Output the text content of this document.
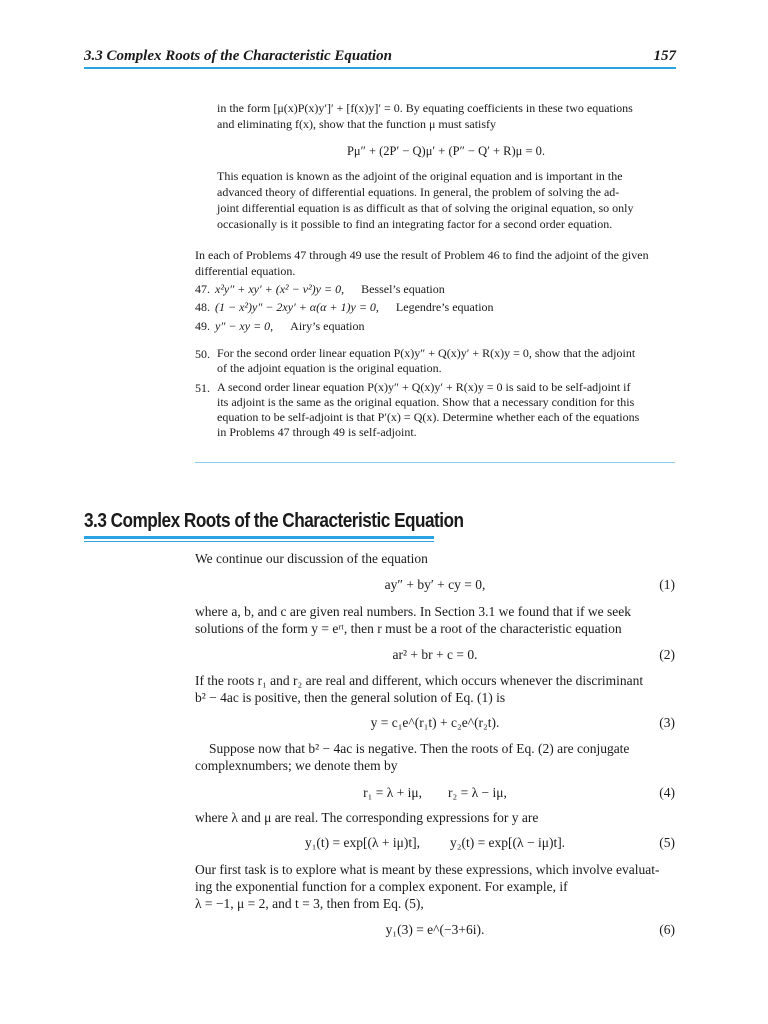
3.3 Complex Roots of the Characteristic Equation	157
in the form [μ(x)P(x)y′]′ + [f(x)y]′ = 0. By equating coefficients in these two equations
and eliminating f(x), show that the function μ must satisfy
Pμ″ + (2P′ − Q)μ′ + (P″ − Q′ + R)μ = 0.
This equation is known as the adjoint of the original equation and is important in the
advanced theory of differential equations. In general, the problem of solving the ad-
joint differential equation is as difficult as that of solving the original equation, so only
occasionally is it possible to find an integrating factor for a second order equation.
In each of Problems 47 through 49 use the result of Problem 46 to find the adjoint of the given
differential equation.
47. x²y″ + xy′ + (x² − ν²)y = 0, Bessel’s equation
48. (1 − x²)y″ − 2xy′ + α(α + 1)y = 0, Legendre’s equation
49. y″ − xy = 0, Airy’s equation
50. For the second order linear equation P(x)y″ + Q(x)y′ + R(x)y = 0, show that the adjoint
of the adjoint equation is the original equation.
51. A second order linear equation P(x)y″ + Q(x)y′ + R(x)y = 0 is said to be self-adjoint if
its adjoint is the same as the original equation. Show that a necessary condition for this
equation to be self-adjoint is that P′(x) = Q(x). Determine whether each of the equations
in Problems 47 through 49 is self-adjoint.
3.3 Complex Roots of the Characteristic Equation
We continue our discussion of the equation
ay″ + by′ + cy = 0,	(1)
where a, b, and c are given real numbers. In Section 3.1 we found that if we seek
solutions of the form y = eʳᵗ, then r must be a root of the characteristic equation
ar² + br + c = 0.	(2)
If the roots r₁ and r₂ are real and different, which occurs whenever the discriminant
b² − 4ac is positive, then the general solution of Eq. (1) is
y = c₁e^(r₁t) + c₂e^(r₂t).	(3)
Suppose now that b² − 4ac is negative. Then the roots of Eq. (2) are conjugate
complexnumbers; we denote them by
r₁ = λ + iμ, r₂ = λ − iμ,	(4)
where λ and μ are real. The corresponding expressions for y are
y₁(t) = exp[(λ + iμ)t], y₂(t) = exp[(λ − iμ)t].	(5)
Our first task is to explore what is meant by these expressions, which involve evaluat-
ing the exponential function for a complex exponent. For example, if
λ = −1, μ = 2, and t = 3, then from Eq. (5),
y₁(3) = e^(−3+6i).	(6)
